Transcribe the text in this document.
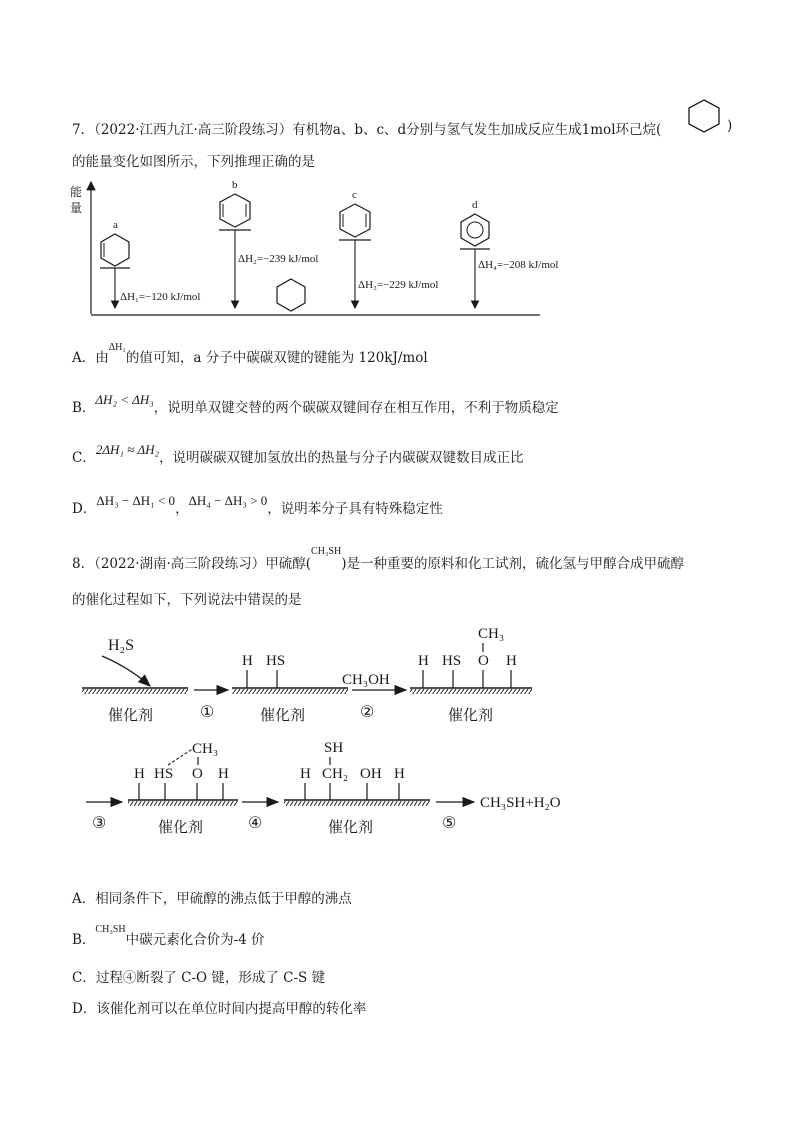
7．（2022·江西九江·高三阶段练习）有机物a、b、c、d分别与氢气发生加成反应生成1mol环己烷(	)
的能量变化如图所示，下列推理正确的是
能
量
a
ΔH₁=−120 kJ/mol
b
ΔH₂=−239 kJ/mol
c
ΔH₃=−229 kJ/mol
d
ΔH₄=−208 kJ/mol
A．由$^{\Delta H_1}$的值可知，a 分子中碳碳双键的键能为 120kJ/mol
B．ΔH₂ < ΔH₃，说明单双键交替的两个碳碳双键间存在相互作用，不利于物质稳定
C．2ΔH₁ ≈ ΔH₂，说明碳碳双键加氢放出的热量与分子内碳碳双键数目成正比
D．ΔH₃ − ΔH₁ < 0，ΔH₄ − ΔH₃ > 0，说明苯分子具有特殊稳定性
8．（2022·湖南·高三阶段练习）甲硫醇($^{CH_3SH}$)是一种重要的原料和化工试剂，硫化氢与甲醇合成甲硫醇
的催化过程如下，下列说法中错误的是
催化剂
H₂S
①	催化剂
H HS
CH₃OH
②	催化剂
H HS O H
CH₃
③	催化剂
H HS O H
CH₃
④	催化剂
H CH₂ OH H
SH
⑤
CH₃SH+H₂O
A．相同条件下，甲硫醇的沸点低于甲醇的沸点
B．$^{CH_3SH}$中碳元素化合价为-4 价
C．过程④断裂了 C-O 键，形成了 C-S 键
D．该催化剂可以在单位时间内提高甲醇的转化率
